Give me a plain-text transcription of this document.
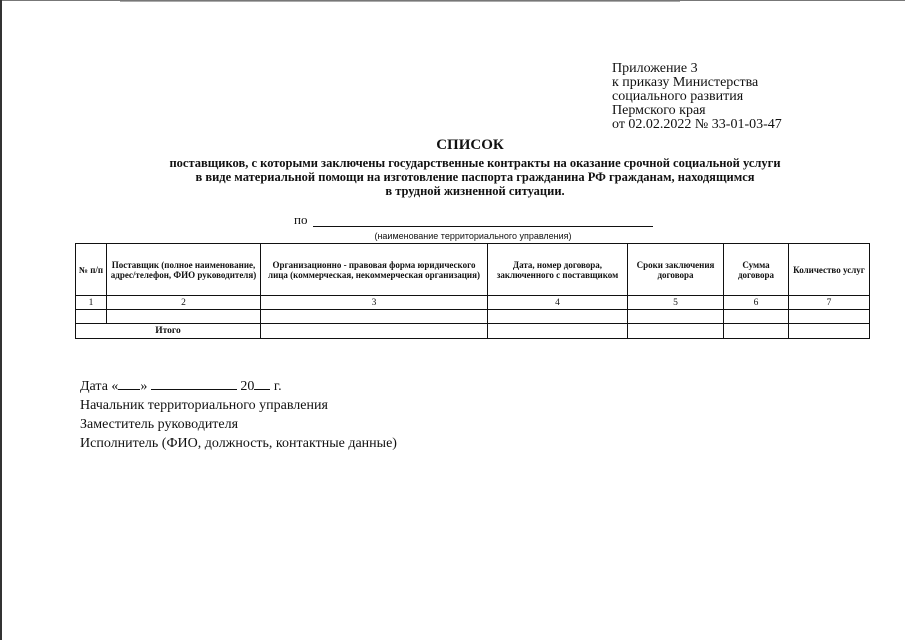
Приложение 3
к приказу Министерства
социального развития
Пермского края
от 02.02.2022 № 33-01-03-47
СПИСОК
поставщиков, с которыми заключены государственные контракты на оказание срочной социальной услуги
в виде материальной помощи на изготовление паспорта гражданина РФ гражданам, находящимся
в трудной жизненной ситуации.
по
(наименование территориального управления)
№ п/п	Поставщик (полное наименование, адрес/телефон, ФИО руководителя)	Организационно - правовая форма юридического лица (коммерческая, некоммерческая организация)	Дата, номер договора, заключенного с поставщиком	Сроки заключения договора	Сумма договора	Количество услуг
1	2	3	4	5	6	7

Итого						
Дата « »	20 г.
Начальник территориального управления
Заместитель руководителя
Исполнитель (ФИО, должность, контактные данные)
